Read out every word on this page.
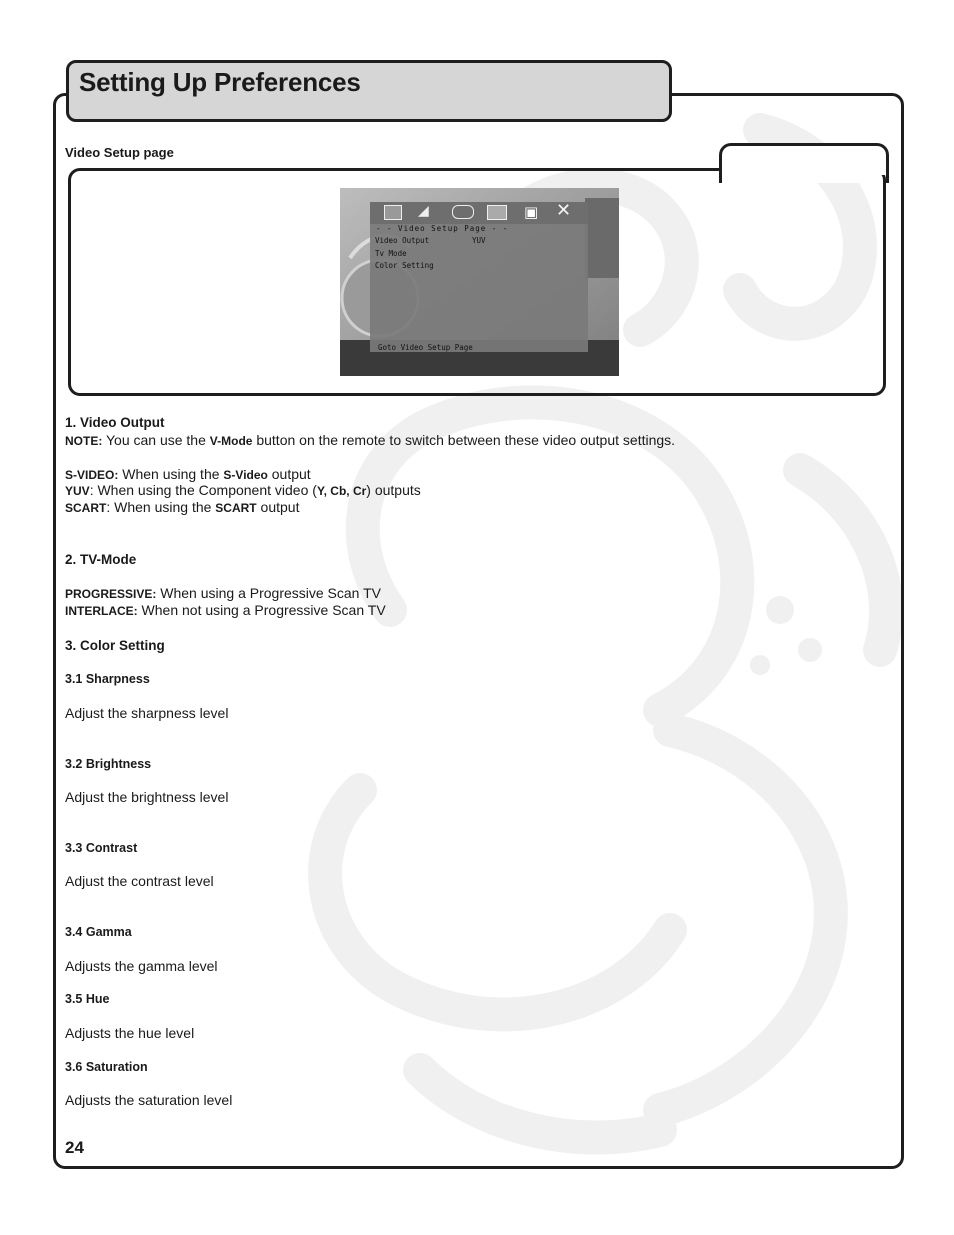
Setting Up Preferences

Video Setup page

◢	▣ ✕
- - Video Setup Page - -
Video Output	YUV
Tv Mode
Color Setting
Goto Video Setup Page

1. Video Output

NOTE: You can use the V-Mode button on the remote to switch between these video output settings.

S-VIDEO: When using the S-Video output

YUV: When using the Component video (Y, Cb, Cr) outputs

SCART: When using the SCART output

2. TV-Mode

PROGRESSIVE: When using a Progressive Scan TV

INTERLACE: When not using a Progressive Scan TV

3. Color Setting

3.1 Sharpness

Adjust the sharpness level

3.2 Brightness

Adjust the brightness level

3.3 Contrast

Adjust the contrast level

3.4 Gamma

Adjusts the gamma level

3.5 Hue

Adjusts the hue level

3.6 Saturation

Adjusts the saturation level

24
